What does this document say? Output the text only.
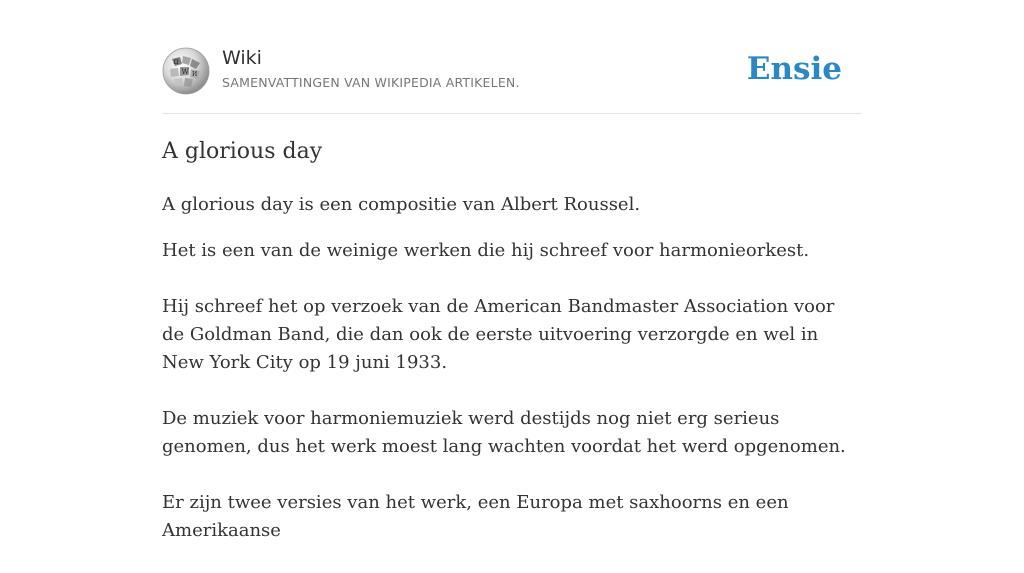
Ω
W И
Wiki
SAMENVATTINGEN VAN WIKIPEDIA ARTIKELEN.	Ensie
A glorious day

A glorious day is een compositie van Albert Roussel.

Het is een van de weinige werken die hij schreef voor harmonieorkest.

Hij schreef het op verzoek van de American Bandmaster Association voor de Goldman Band, die dan ook de eerste uitvoering verzorgde en wel in New York City op 19 juni 1933.

De muziek voor harmoniemuziek werd destijds nog niet erg serieus genomen, dus het werk moest lang wachten voordat het werd opgenomen.

Er zijn twee versies van het werk, een Europa met saxhoorns en een Amerikaanse
